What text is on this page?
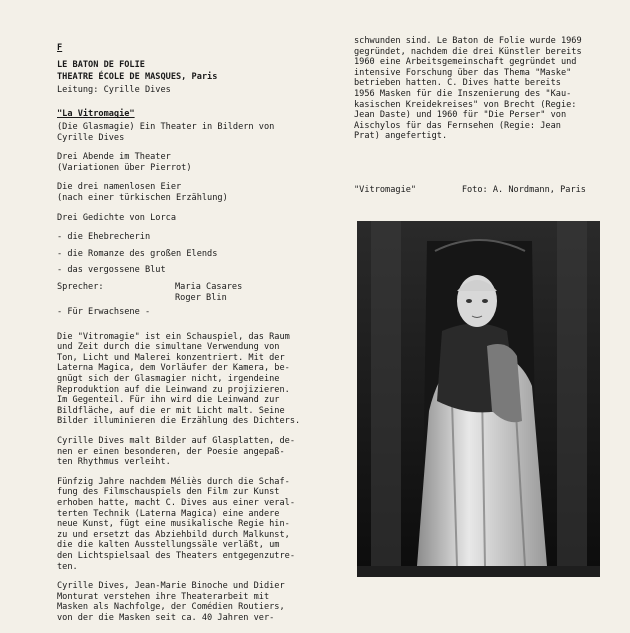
F
LE BATON DE FOLIE
THEATRE ÉCOLE DE MASQUES, Paris
Leitung: Cyrille Dives
"La Vitromagie"
(Die Glasmagie) Ein Theater in Bildern von Cyrille Dives
Drei Abende im Theater
(Variationen über Pierrot)
Die drei namenlosen Eier
(nach einer türkischen Erzählung)
Drei Gedichte von Lorca
- die Ehebrecherin
- die Romanze des großen Elends
- das vergossene Blut
Sprecher:	Maria Casares
Roger Blin
- Für Erwachsene -
Die "Vitromagie" ist ein Schauspiel, das Raum
und Zeit durch die simultane Verwendung von
Ton, Licht und Malerei konzentriert. Mit der
Laterna Magica, dem Vorläufer der Kamera, be-
gnügt sich der Glasmagier nicht, irgendeine
Reproduktion auf die Leinwand zu projizieren.
Im Gegenteil. Für ihn wird die Leinwand zur
Bildfläche, auf die er mit Licht malt. Seine
Bilder illuminieren die Erzählung des Dichters.
Cyrille Dives malt Bilder auf Glasplatten, de-
nen er einen besonderen, der Poesie angepaß-
ten Rhythmus verleiht.
Fünfzig Jahre nachdem Méliès durch die Schaf-
fung des Filmschauspiels den Film zur Kunst
erhoben hatte, macht C. Dives aus einer veral-
terten Technik (Laterna Magica) eine andere
neue Kunst, fügt eine musikalische Regie hin-
zu und ersetzt das Abziehbild durch Malkunst,
die die kalten Ausstellungssäle verläßt, um
den Lichtspielsaal des Theaters entgegenzutre-
ten.
Cyrille Dives, Jean-Marie Binoche und Didier
Monturat verstehen ihre Theaterarbeit mit
Masken als Nachfolge, der Comédien Routiers,
von der die Masken seit ca. 40 Jahren ver-
schwunden sind. Le Baton de Folie wurde 1969
gegründet, nachdem die drei Künstler bereits
1960 eine Arbeitsgemeinschaft gegründet und
intensive Forschung über das Thema "Maske"
betrieben hatten. C. Dives hatte bereits
1956 Masken für die Inszenierung des "Kau-
kasischen Kreidekreises" von Brecht (Regie:
Jean Daste) und 1960 für "Die Perser" von
Aischylos für das Fernsehen (Regie: Jean
Prat) angefertigt.
"Vitromagie"	Foto: A. Nordmann, Paris
